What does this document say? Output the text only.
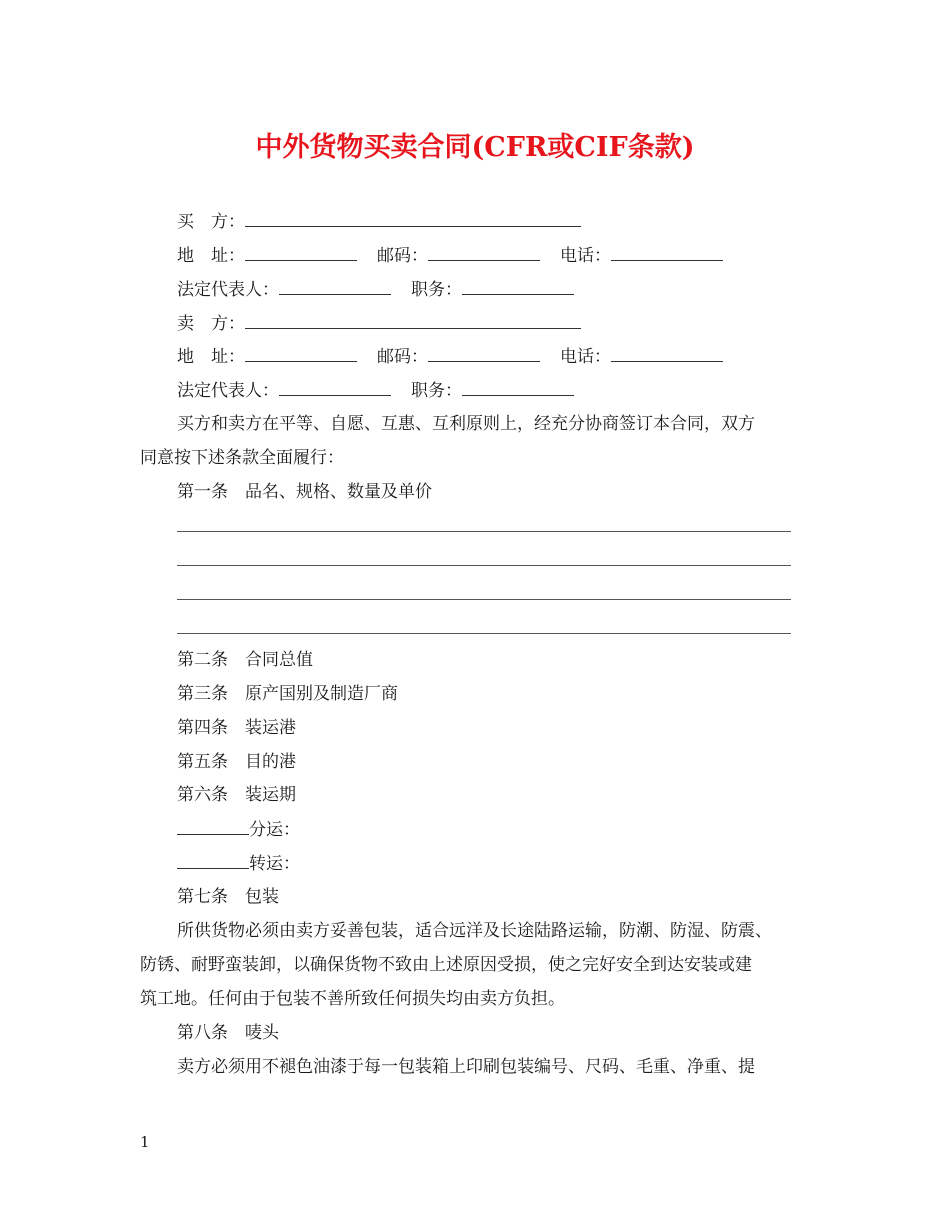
中外货物买卖合同(CFR或CIF条款)
买　方：
地　址：	邮码：	电话：
法定代表人：	职务：
卖　方：
地　址：	邮码：	电话：
法定代表人：	职务：
买方和卖方在平等、自愿、互惠、互利原则上，经充分协商签订本合同，双方
同意按下述条款全面履行：
第一条　品名、规格、数量及单价
第二条　合同总值
第三条　原产国别及制造厂商
第四条　装运港
第五条　目的港
第六条　装运期
分运：
转运：
第七条　包装
所供货物必须由卖方妥善包装，适合远洋及长途陆路运输，防潮、防湿、防震、
防锈、耐野蛮装卸，以确保货物不致由上述原因受损，使之完好安全到达安装或建
筑工地。任何由于包装不善所致任何损失均由卖方负担。
第八条　唛头
卖方必须用不褪色油漆于每一包装箱上印刷包装编号、尺码、毛重、净重、提
1
